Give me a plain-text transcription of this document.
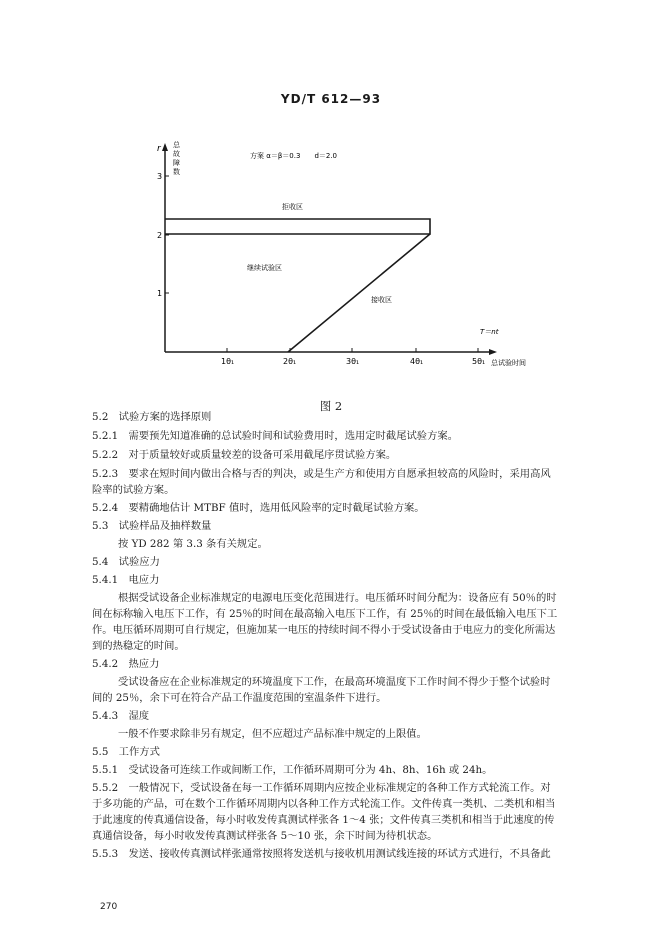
YD/T 612—93
r 总
故
障
数
1
2
3
1θ₁	2θ₁	3θ₁	4θ₁	5θ₁ 总试验时间
方案 α＝β＝0.3　　d＝2.0
拒收区
继续试验区
接收区
T＝nt
图 2
5.2　试验方案的选择原则
5.2.1　需要预先知道准确的总试验时间和试验费用时，选用定时截尾试验方案。
5.2.2　对于质量较好或质量较差的设备可采用截尾序贯试验方案。
5.2.3　要求在短时间内做出合格与否的判决，或是生产方和使用方自愿承担较高的风险时，采用高风
险率的试验方案。
5.2.4　要精确地估计 MTBF 值时，选用低风险率的定时截尾试验方案。
5.3　试验样品及抽样数量
按 YD 282 第 3.3 条有关规定。
5.4　试验应力
5.4.1　电应力
根据受试设备企业标准规定的电源电压变化范围进行。电压循环时间分配为：设备应有 50％的时
间在标称输入电压下工作，有 25％的时间在最高输入电压下工作，有 25％的时间在最低输入电压下工
作。电压循环周期可自行规定，但施加某一电压的持续时间不得小于受试设备由于电应力的变化所需达
到的热稳定的时间。
5.4.2　热应力
受试设备应在企业标准规定的环境温度下工作，在最高环境温度下工作时间不得少于整个试验时
间的 25％，余下可在符合产品工作温度范围的室温条件下进行。
5.4.3　湿度
一般不作要求除非另有规定，但不应超过产品标准中规定的上限值。
5.5　工作方式
5.5.1　受试设备可连续工作或间断工作，工作循环周期可分为 4h、8h、16h 或 24h。
5.5.2　一般情况下，受试设备在每一工作循环周期内应按企业标准规定的各种工作方式轮流工作。对
于多功能的产品，可在数个工作循环周期内以各种工作方式轮流工作。文件传真一类机、二类机和相当
于此速度的传真通信设备，每小时收发传真测试样张各 1～4 张；文件传真三类机和相当于此速度的传
真通信设备，每小时收发传真测试样张各 5～10 张，余下时间为待机状态。
5.5.3　发送、接收传真测试样张通常按照将发送机与接收机用测试线连接的环试方式进行，不具备此
270
